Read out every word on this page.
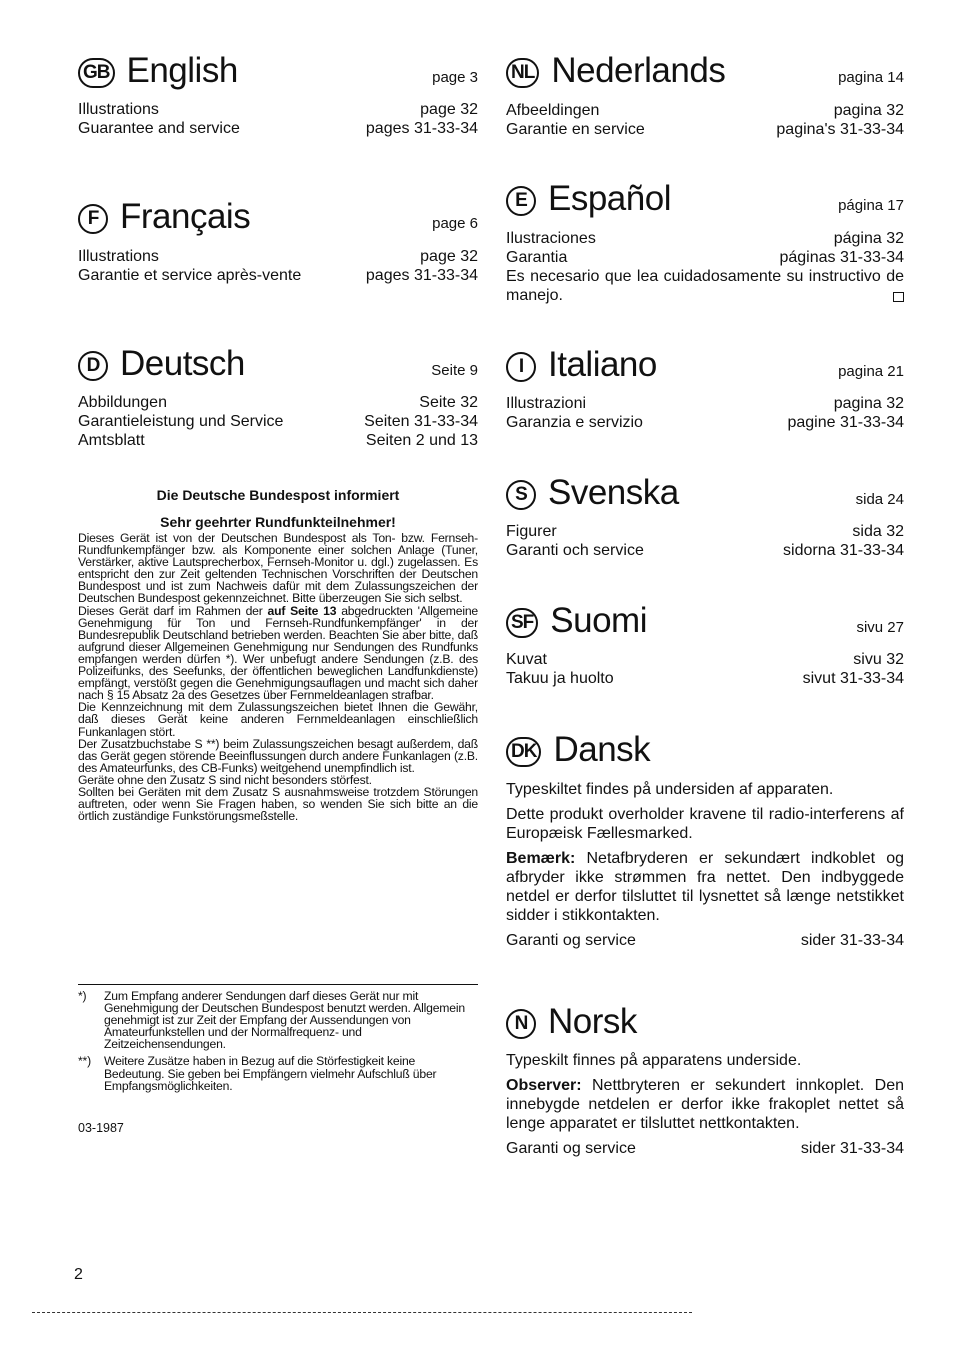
GB English	page 3
Illustrations	page 32
Guarantee and service	pages 31-33-34
F Français	page 6
Illustrations	page 32
Garantie et service après-vente	pages 31-33-34
D Deutsch	Seite 9
Abbildungen	Seite 32
Garantieleistung und Service	Seiten 31-33-34
Amtsblatt	Seiten 2 und 13
Die Deutsche Bundespost informiert
Sehr geehrter Rundfunkteilnehmer!
Dieses Gerät ist von der Deutschen Bundespost als Ton- bzw. Fernseh-Rundfunkempfänger bzw. als Komponente einer solchen Anlage (Tuner, Verstärker, aktive Lautsprecherbox, Fernseh-Monitor u. dgl.) zugelassen. Es entspricht den zur Zeit geltenden Technischen Vorschriften der Deutschen Bundespost und ist zum Nachweis dafür mit dem Zulassungszeichen der Deutschen Bundespost gekennzeichnet. Bitte überzeugen Sie sich selbst.
Dieses Gerät darf im Rahmen der auf Seite 13 abgedruckten 'Allgemeine Genehmigung für Ton und Fernseh-Rundfunkempfänger' in der Bundesrepublik Deutschland betrieben werden. Beachten Sie aber bitte, daß aufgrund dieser Allgemeinen Genehmigung nur Sendungen des Rundfunks empfangen werden dürfen *). Wer unbefugt andere Sendungen (z.B. des Polizeifunks, des Seefunks, der öffentlichen beweglichen Landfunkdienste) empfängt, verstößt gegen die Genehmigungsauflagen und macht sich daher nach § 15 Absatz 2a des Gesetzes über Fernmeldeanlagen strafbar.
Die Kennzeichnung mit dem Zulassungszeichen bietet Ihnen die Gewähr, daß dieses Gerät keine anderen Fernmeldeanlagen einschließlich Funkanlagen stört.
Der Zusatzbuchstabe S **) beim Zulassungszeichen besagt außerdem, daß das Gerät gegen störende Beeinflussungen durch andere Funkanlagen (z.B. des Amateurfunks, des CB-Funks) weitgehend unempfindlich ist.
Geräte ohne den Zusatz S sind nicht besonders störfest.
Sollten bei Geräten mit dem Zusatz S ausnahmsweise trotzdem Störungen auftreten, oder wenn Sie Fragen haben, so wenden Sie sich bitte an die örtlich zuständige Funkstörungsmeßstelle.
*)	Zum Empfang anderer Sendungen darf dieses Gerät nur mit Genehmigung der Deutschen Bundespost benutzt werden. Allgemein genehmigt ist zur Zeit der Empfang der Aussendungen von Amateurfunkstellen und der Normalfrequenz- und Zeitzeichensendungen.
**)	Weitere Zusätze haben in Bezug auf die Störfestigkeit keine Bedeutung. Sie geben bei Empfängern vielmehr Aufschluß über Empfangsmöglichkeiten.
03-1987
2
NL Nederlands	pagina 14
Afbeeldingen	pagina 32
Garantie en service	pagina's 31-33-34
E Español	página 17
Ilustraciones	página 32
Garantia	páginas 31-33-34
Es necesario que lea cuidadosamente su instructivo de manejo.
I Italiano	pagina 21
Illustrazioni	pagina 32
Garanzia e servizio	pagine 31-33-34
S Svenska	sida 24
Figurer	sida 32
Garanti och service	sidorna 31-33-34
SF Suomi	sivu 27
Kuvat	sivu 32
Takuu ja huolto	sivut 31-33-34
DK Dansk
Typeskiltet findes på undersiden af apparaten.
Dette produkt overholder kravene til radio-interferens af Europæisk Fællesmarked.
Bemærk: Netafbryderen er sekundært indkoblet og afbryder ikke strømmen fra nettet. Den indbyggede netdel er derfor tilsluttet til lysnettet så længe netstikket sidder i stikkontakten.
Garanti og service	sider 31-33-34
N Norsk
Typeskilt finnes på apparatens underside.
Observer: Nettbryteren er sekundert innkoplet. Den innebygde netdelen er derfor ikke frakoplet nettet så lenge apparatet er tilsluttet nettkontakten.
Garanti og service	sider 31-33-34
